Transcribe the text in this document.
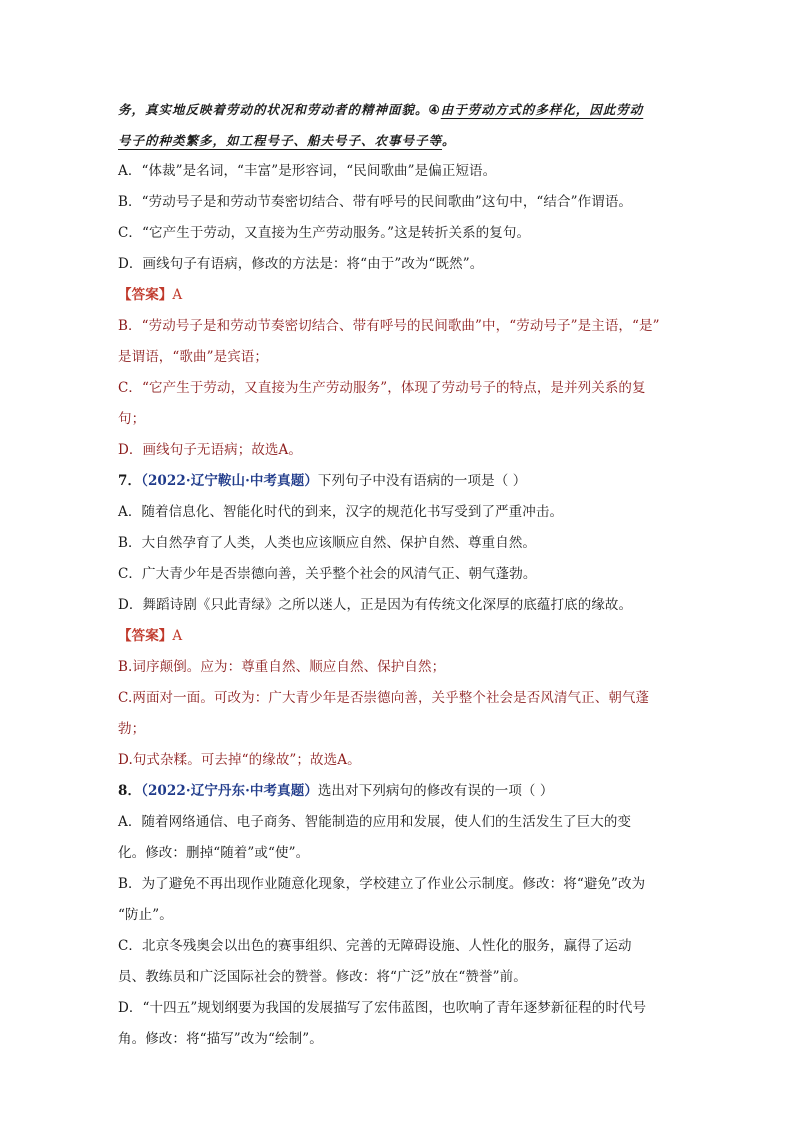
务，真实地反映着劳动的状况和劳动者的精神面貌。④由于劳动方式的多样化，因此劳动
号子的种类繁多，如工程号子、船夫号子、农事号子等。
A．“体裁”是名词，“丰富”是形容词，“民间歌曲”是偏正短语。
B．“劳动号子是和劳动节奏密切结合、带有呼号的民间歌曲”这句中，“结合”作谓语。
C．“它产生于劳动，又直接为生产劳动服务。”这是转折关系的复句。
D．画线句子有语病，修改的方法是：将“由于”改为“既然”。
【答案】A
B．“劳动号子是和劳动节奏密切结合、带有呼号的民间歌曲”中，“劳动号子”是主语，“是”
是谓语，“歌曲”是宾语；
C．“它产生于劳动，又直接为生产劳动服务”，体现了劳动号子的特点，是并列关系的复
句；
D．画线句子无语病；故选A。
7．（2022·辽宁鞍山·中考真题）下列句子中没有语病的一项是（ ）
A．随着信息化、智能化时代的到来，汉字的规范化书写受到了严重冲击。
B．大自然孕育了人类，人类也应该顺应自然、保护自然、尊重自然。
C．广大青少年是否崇德向善，关乎整个社会的风清气正、朝气蓬勃。
D．舞蹈诗剧《只此青绿》之所以迷人，正是因为有传统文化深厚的底蕴打底的缘故。
【答案】A
B.词序颠倒。应为：尊重自然、顺应自然、保护自然；
C.两面对一面。可改为：广大青少年是否崇德向善，关乎整个社会是否风清气正、朝气蓬
勃；
D.句式杂糅。可去掉“的缘故”；故选A。
8．（2022·辽宁丹东·中考真题）选出对下列病句的修改有误的一项（ ）
A．随着网络通信、电子商务、智能制造的应用和发展，使人们的生活发生了巨大的变
化。修改：删掉“随着”或“使”。
B．为了避免不再出现作业随意化现象，学校建立了作业公示制度。修改：将“避免”改为
“防止”。
C．北京冬残奥会以出色的赛事组织、完善的无障碍设施、人性化的服务，赢得了运动
员、教练员和广泛国际社会的赞誉。修改：将“广泛”放在“赞誉”前。
D．“十四五”规划纲要为我国的发展描写了宏伟蓝图，也吹响了青年逐梦新征程的时代号
角。修改：将“描写”改为“绘制”。
